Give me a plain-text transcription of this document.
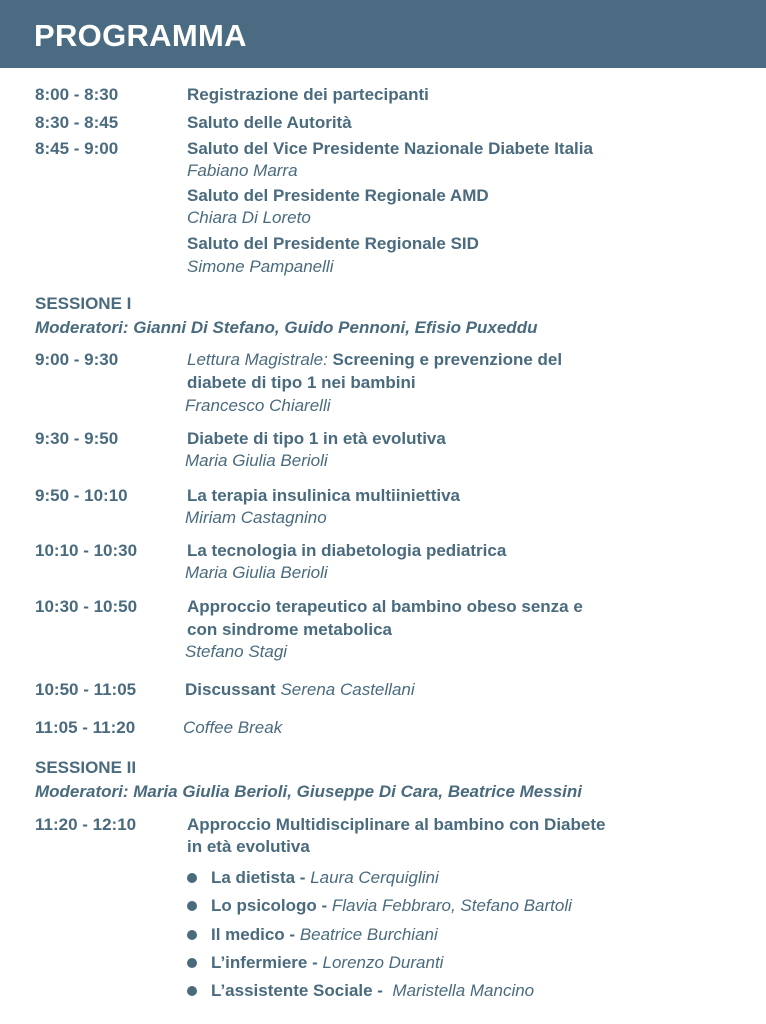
PROGRAMMA
8:00 - 8:30	Registrazione dei partecipanti
8:30 - 8:45	Saluto delle Autorità
8:45 - 9:00	Saluto del Vice Presidente Nazionale Diabete Italia
Fabiano Marra
Saluto del Presidente Regionale AMD
Chiara Di Loreto
Saluto del Presidente Regionale SID
Simone Pampanelli
SESSIONE I
Moderatori: Gianni Di Stefano, Guido Pennoni, Efisio Puxeddu
9:00 - 9:30	Lettura Magistrale: Screening e prevenzione del
diabete di tipo 1 nei bambini
Francesco Chiarelli
9:30 - 9:50	Diabete di tipo 1 in età evolutiva
Maria Giulia Berioli
9:50 - 10:10	La terapia insulinica multiiniettiva
Miriam Castagnino
10:10 - 10:30	La tecnologia in diabetologia pediatrica
Maria Giulia Berioli
10:30 - 10:50	Approccio terapeutico al bambino obeso senza e
con sindrome metabolica
Stefano Stagi
10:50 - 11:05	Discussant Serena Castellani
11:05 - 11:20	Coffee Break
SESSIONE II
Moderatori: Maria Giulia Berioli, Giuseppe Di Cara, Beatrice Messini
11:20 - 12:10	Approccio Multidisciplinare al bambino con Diabete
in età evolutiva
La dietista - Laura Cerquiglini
Lo psicologo - Flavia Febbraro, Stefano Bartoli
Il medico - Beatrice Burchiani
L’infermiere - Lorenzo Duranti
L’assistente Sociale - Maristella Mancino
